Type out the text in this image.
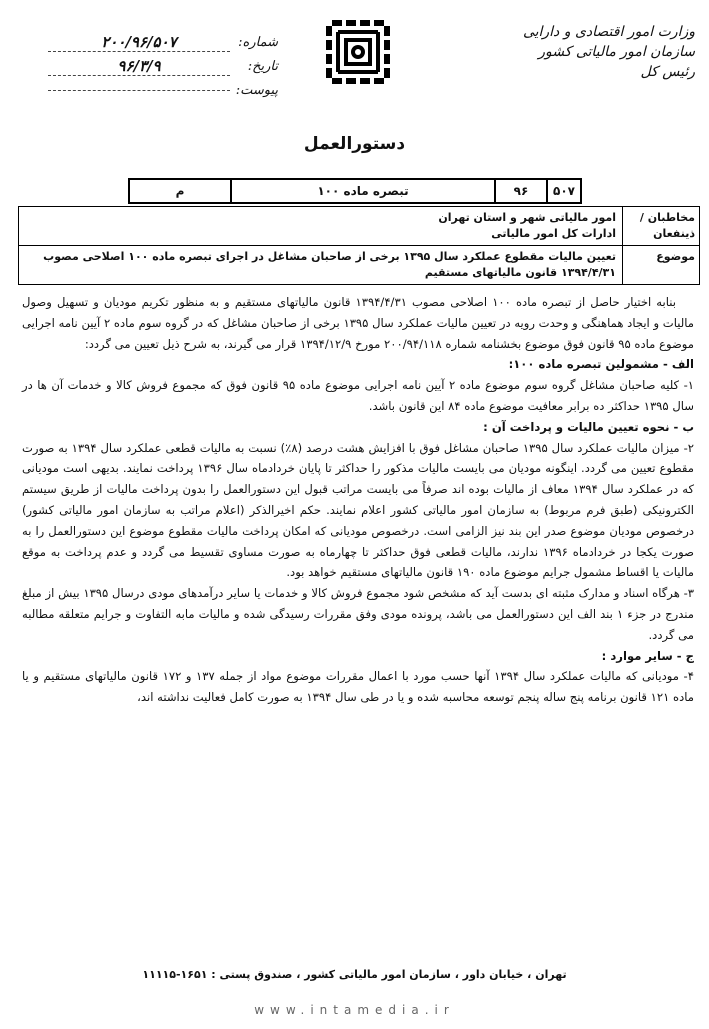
وزارت امور اقتصادی و دارایی
سازمان امور مالیاتی کشور
رئیس کل
شماره:
۲۰۰/۹۶/۵۰۷
تاریخ:
۹۶/۳/۹
پیوست:
دستورالعمل
۵۰۷
۹۶
تبصره ماده ۱۰۰
م
مخاطبان / ذینفعان
امور مالیاتی شهر و استان تهران
ادارات کل امور مالیاتی
موضوع
تعیین مالیات مقطوع عملکرد سال ۱۳۹۵ برخی از صاحبان مشاغل در اجرای تبصره ماده ۱۰۰ اصلاحی مصوب ۱۳۹۴/۴/۳۱ قانون مالیاتهای مستقیم

بنابه اختیار حاصل از تبصره ماده ۱۰۰ اصلاحی مصوب ۱۳۹۴/۴/۳۱ قانون مالیاتهای مستقیم و به منظور تکریم مودیان و تسهیل وصول مالیات و ایجاد هماهنگی و وحدت رویه در تعیین مالیات عملکرد سال ۱۳۹۵ برخی از صاحبان مشاغل که در گروه سوم ماده ۲ آیین نامه اجرایی موضوع ماده ۹۵ قانون فوق موضوع بخشنامه شماره ۲۰۰/۹۴/۱۱۸ مورخ ۱۳۹۴/۱۲/۹ قرار می گیرند، به شرح ذیل تعیین می گردد:

الف - مشمولین تبصره ماده ۱۰۰:

۱- کلیه صاحبان مشاغل گروه سوم موضوع ماده ۲ آیین نامه اجرایی موضوع ماده ۹۵ قانون فوق که مجموع فروش کالا و خدمات آن ها در سال ۱۳۹۵ حداکثر ده برابر معافیت موضوع ماده ۸۴ این قانون باشد.

ب - نحوه تعیین مالیات و پرداخت آن :

۲- میزان مالیات عملکرد سال ۱۳۹۵ صاحبان مشاغل فوق با افزایش هشت درصد (۸٪) نسبت به مالیات قطعی عملکرد سال ۱۳۹۴ به صورت مقطوع تعیین می گردد. اینگونه مودیان می بایست مالیات مذکور را حداکثر تا پایان خردادماه سال ۱۳۹۶ پرداخت نمایند. بدیهی است مودیانی که در عملکرد سال ۱۳۹۴ معاف از مالیات بوده اند صرفاً می بایست مراتب قبول این دستورالعمل را بدون پرداخت مالیات از طریق سیستم الکترونیکی (طبق فرم مربوط) به سازمان امور مالیاتی کشور اعلام نمایند. حکم اخیرالذکر (اعلام مراتب به سازمان امور مالیاتی کشور) درخصوص مودیان موضوع صدر این بند نیز الزامی است. درخصوص مودیانی که امکان پرداخت مالیات مقطوع موضوع این دستورالعمل را به صورت یکجا در خردادماه ۱۳۹۶ ندارند، مالیات قطعی فوق حداکثر تا چهارماه به صورت مساوی تقسیط می گردد و عدم پرداخت به موقع مالیات یا اقساط مشمول جرایم موضوع ماده ۱۹۰ قانون مالیاتهای مستقیم خواهد بود.

۳- هرگاه اسناد و مدارک مثبته ای بدست آید که مشخص شود مجموع فروش کالا و خدمات یا سایر درآمدهای مودی درسال ۱۳۹۵ بیش از مبلغ مندرج در جزء ۱ بند الف این دستورالعمل می باشد، پرونده مودی وفق مقررات رسیدگی شده و مالیات مابه التفاوت و جرایم متعلقه مطالبه می گردد.

ج - سایر موارد :

۴- مودیانی که مالیات عملکرد سال ۱۳۹۴ آنها حسب مورد با اعمال مقررات موضوع مواد از جمله ۱۳۷ و ۱۷۲ قانون مالیاتهای مستقیم و یا ماده ۱۲۱ قانون برنامه پنج ساله پنجم توسعه محاسبه شده و یا در طی سال ۱۳۹۴ به صورت کامل فعالیت نداشته اند،

تهران ، خیابان داور ، سازمان امور مالیاتی کشور ، صندوق پستی : ۱۶۵۱-۱۱۱۱۵
www.intamedia.ir
